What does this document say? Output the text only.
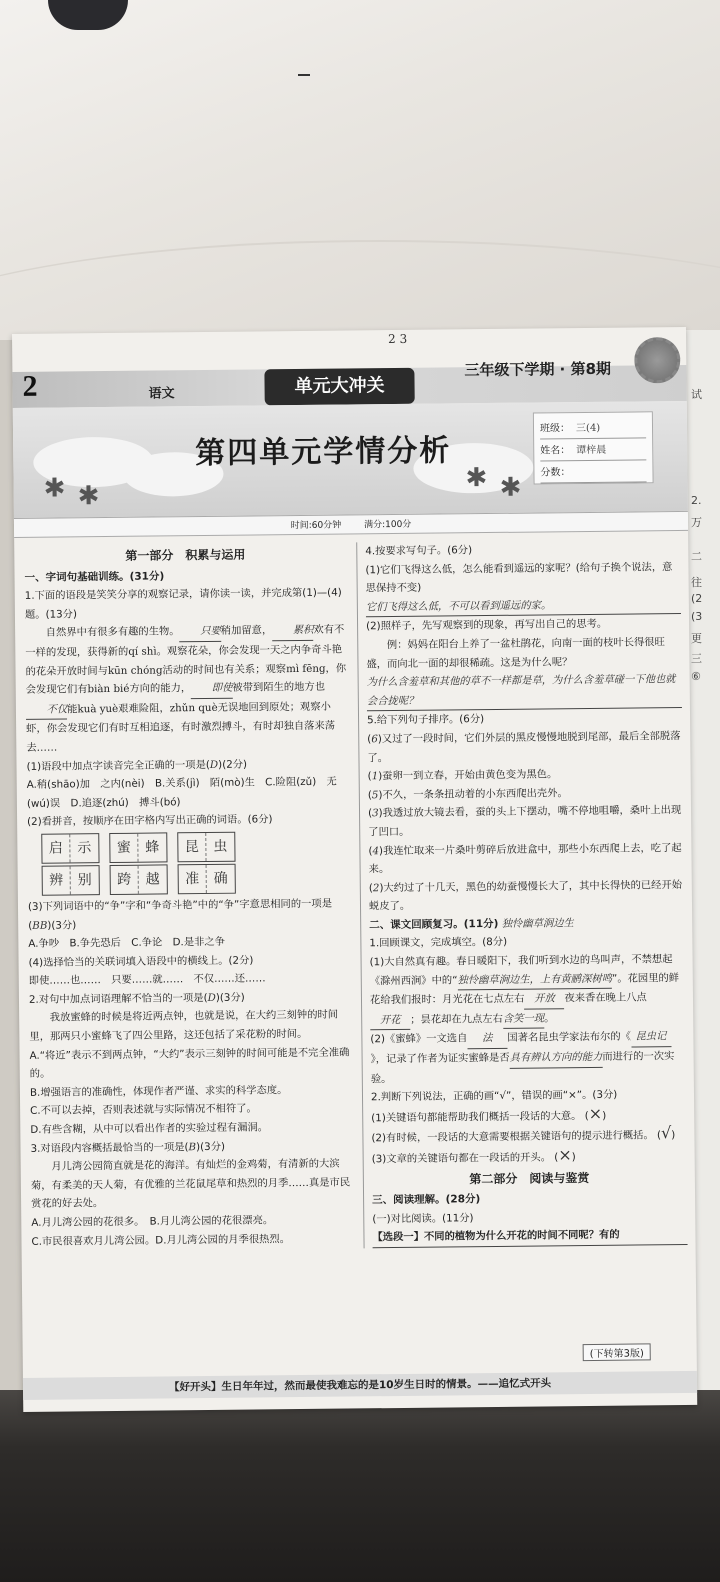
试
2.
万
二
往
(2
(3
更
三
⑥
2 3
2	语文	单元大冲关
三年级下学期 · 第8期
✱ ✱
✱ ✱
第四单元学情分析
班级： 三(4)
姓名： 谭梓晨
分数：
时间:60分钟	满分:100分
第一部分　积累与运用
一、字词句基础训练。(31分)
1.下面的语段是笑笑分享的观察记录，请你读一读，并完成第(1)—(4)题。(13分)
自然界中有很多有趣的生物。 只要稍加留意， 累积欢有不一样的发现，获得新的qí shì。观察花朵，你会发现一天之内争奇斗艳的花朵开放时间与kūn chóng活动的时间也有关系；观察mì fēng，你会发现它们有biàn bié方向的能力， 即使被带到陌生的地方也不仅能kuà yuè艰难险阻，zhǔn què无误地回到原处；观察小虾，你会发现它们有时互相追逐，有时激烈搏斗，有时却独自落来荡去……
(1)语段中加点字读音完全正确的一项是(D)(2分)
A.稍(shāo)加　之内(nèi)　B.关系(jì)　陌(mò)生　C.险阻(zǔ)　无(wú)误　D.追逐(zhú)　搏斗(bó)
(2)看拼音，按顺序在田字格内写出正确的词语。(6分)
启	示	蜜	蜂	昆	虫
辨	别	跨	越	准	确
(3)下列词语中的“争”字和“争奇斗艳”中的“争”字意思相同的一项是(BB)(3分)
A.争吵　B.争先恐后　C.争论　D.是非之争
(4)选择恰当的关联词填入语段中的横线上。(2分)
即使……也……　只要……就……　不仅……还……
2.对句中加点词语理解不恰当的一项是(D)(3分)
我放蜜蜂的时候是将近两点钟，也就是说，在大约三刻钟的时间里，那两只小蜜蜂飞了四公里路，这还包括了采花粉的时间。
A.“将近”表示不到两点钟，“大约”表示三刻钟的时间可能是不完全准确的。
B.增强语言的准确性，体现作者严谨、求实的科学态度。
C.不可以去掉，否则表述就与实际情况不相符了。
D.有些含糊，从中可以看出作者的实验过程有漏洞。
3.对语段内容概括最恰当的一项是(B)(3分)
月儿湾公园简直就是花的海洋。有灿烂的金鸡菊，有清新的大滨菊，有柔美的天人菊，有优雅的兰花鼠尾草和热烈的月季……真是市民赏花的好去处。
A.月儿湾公园的花很多。　B.月儿湾公园的花很漂亮。
C.市民很喜欢月儿湾公园。D.月儿湾公园的月季很热烈。
4.按要求写句子。(6分)
(1)它们飞得这么低，怎么能看到遥远的家呢？(给句子换个说法，意思保持不变)
它们飞得这么低，不可以看到遥远的家。
(2)照样子，先写观察到的现象，再写出自己的思考。
例：妈妈在阳台上养了一盆杜鹃花，向南一面的枝叶长得很旺盛，而向北一面的却很稀疏。这是为什么呢？
为什么含羞草和其他的草不一样都是草，为什么含羞草碰一下他也就会合拢呢？
5.给下列句子排序。(6分)
(6)又过了一段时间，它们外层的黑皮慢慢地脱到尾部，最后全部脱落了。
(1)蚕卵一到立春，开始由黄色变为黑色。
(5)不久，一条条扭动着的小东西爬出壳外。
(3)我透过放大镜去看，蚕的头上下摆动，嘴不停地咀嚼，桑叶上出现了凹口。
(4)我连忙取来一片桑叶剪碎后放进盒中，那些小东西爬上去，吃了起来。
(2)大约过了十几天，黑色的幼蚕慢慢长大了，其中长得快的已经开始蜕皮了。
二、课文回顾复习。(11分) 独怜幽草涧边生
1.回顾课文，完成填空。(8分)
(1)大自然真有趣。春日暖阳下，我们听到水边的鸟叫声，不禁想起《滁州西涧》中的“独怜幽草涧边生，上有黄鹂深树鸣”。花园里的鲜花给我们报时：月光花在七点左右 开放 夜来香在晚上八点开花 ；昙花却在九点左右含笑一现。
(2)《蜜蜂》一文选自 法 国著名昆虫学家法布尔的《 昆虫记》，记录了作者为证实蜜蜂是否具有辨认方向的能力而进行的一次实验。
2.判断下列说法，正确的画“√”，错误的画“×”。(3分)
(1)关键语句都能帮助我们概括一段话的大意。 (×)
(2)有时候，一段话的大意需要根据关键语句的提示进行概括。 (√)
(3)文章的关键语句都在一段话的开头。 (×)
第二部分　阅读与鉴赏
三、阅读理解。(28分)
(一)对比阅读。(11分)
【选段一】不同的植物为什么开花的时间不同呢？有的
(下转第3版)
【好开头】生日年年过，然而最使我难忘的是10岁生日时的情景。——追忆式开头
